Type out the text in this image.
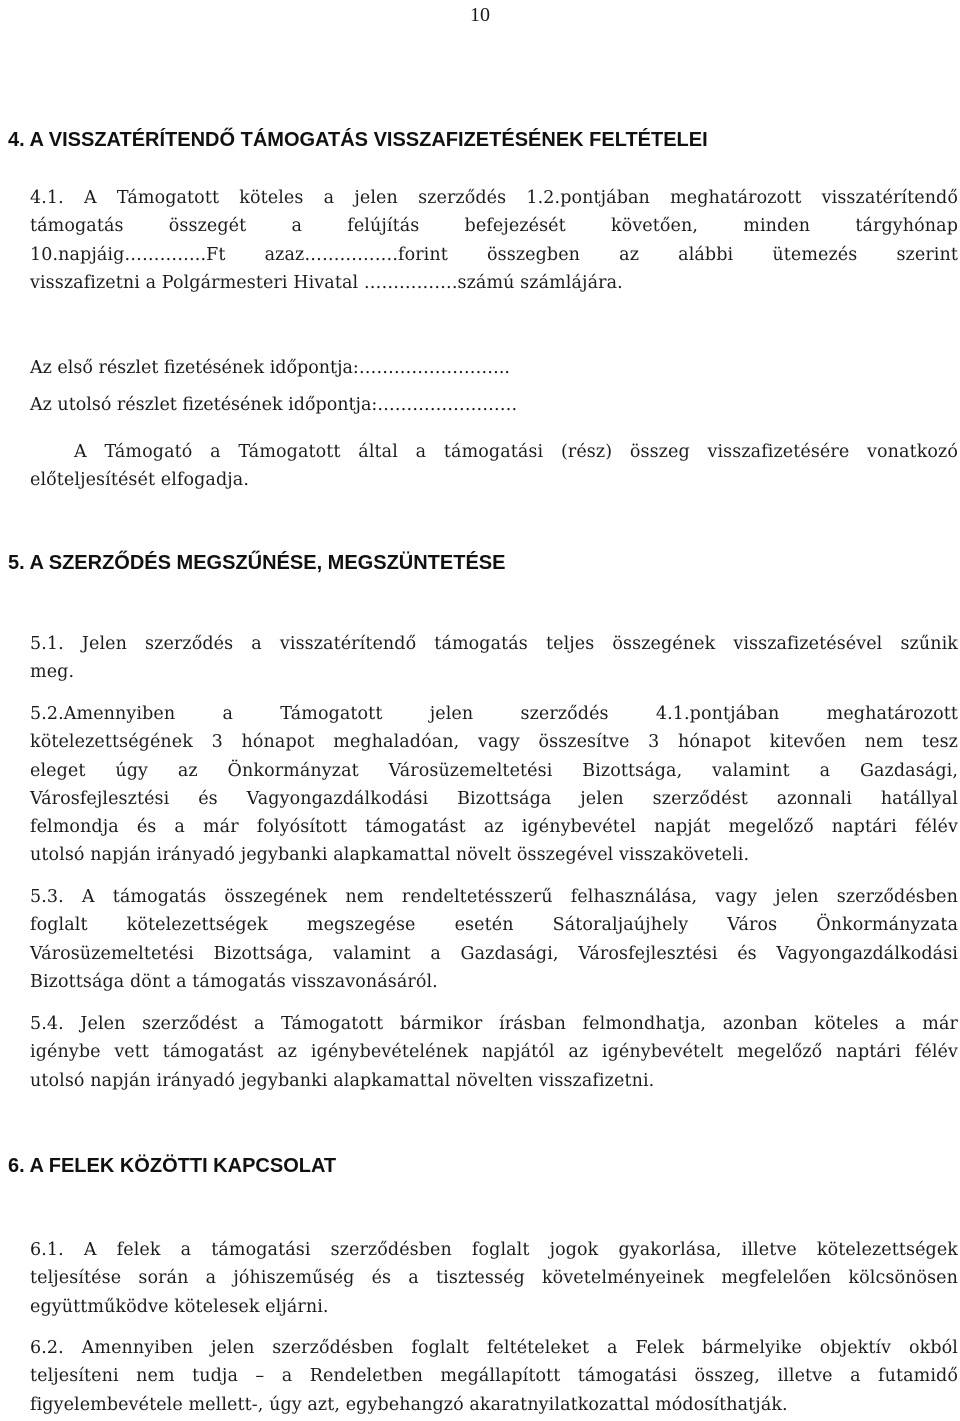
10
4. A VISSZATÉRÍTENDŐ TÁMOGATÁS VISSZAFIZETÉSÉNEK FELTÉTELEI
4.1. A Támogatott köteles a jelen szerződés 1.2.pontjában meghatározott visszatérítendő
támogatás összegét a felújítás befejezését követően, minden tárgyhónap
10.napjáig…………..Ft azaz…………….forint összegben az alábbi ütemezés szerint
visszafizetni a Polgármesteri Hivatal …………….számú számlájára.
Az első részlet fizetésének időpontja:……………………..
Az utolsó részlet fizetésének időpontja:……………………
A Támogató a Támogatott által a támogatási (rész) összeg visszafizetésére vonatkozó
előteljesítését elfogadja.
5. A SZERZŐDÉS MEGSZŰNÉSE, MEGSZÜNTETÉSE
5.1. Jelen szerződés a visszatérítendő támogatás teljes összegének visszafizetésével szűnik
meg.
5.2.Amennyiben a Támogatott jelen szerződés 4.1.pontjában meghatározott
kötelezettségének 3 hónapot meghaladóan, vagy összesítve 3 hónapot kitevően nem tesz
eleget úgy az Önkormányzat Városüzemeltetési Bizottsága, valamint a Gazdasági,
Városfejlesztési és Vagyongazdálkodási Bizottsága jelen szerződést azonnali hatállyal
felmondja és a már folyósított támogatást az igénybevétel napját megelőző naptári félév
utolsó napján irányadó jegybanki alapkamattal növelt összegével visszaköveteli.
5.3. A támogatás összegének nem rendeltetésszerű felhasználása, vagy jelen szerződésben
foglalt kötelezettségek megszegése esetén Sátoraljaújhely Város Önkormányzata
Városüzemeltetési Bizottsága, valamint a Gazdasági, Városfejlesztési és Vagyongazdálkodási
Bizottsága dönt a támogatás visszavonásáról.
5.4. Jelen szerződést a Támogatott bármikor írásban felmondhatja, azonban köteles a már
igénybe vett támogatást az igénybevételének napjától az igénybevételt megelőző naptári félév
utolsó napján irányadó jegybanki alapkamattal növelten visszafizetni.
6. A FELEK KÖZÖTTI KAPCSOLAT
6.1. A felek a támogatási szerződésben foglalt jogok gyakorlása, illetve kötelezettségek
teljesítése során a jóhiszeműség és a tisztesség követelményeinek megfelelően kölcsönösen
együttműködve kötelesek eljárni.
6.2. Amennyiben jelen szerződésben foglalt feltételeket a Felek bármelyike objektív okból
teljesíteni nem tudja – a Rendeletben megállapított támogatási összeg, illetve a futamidő
figyelembevétele mellett-, úgy azt, egybehangzó akaratnyilatkozattal módosíthatják.
